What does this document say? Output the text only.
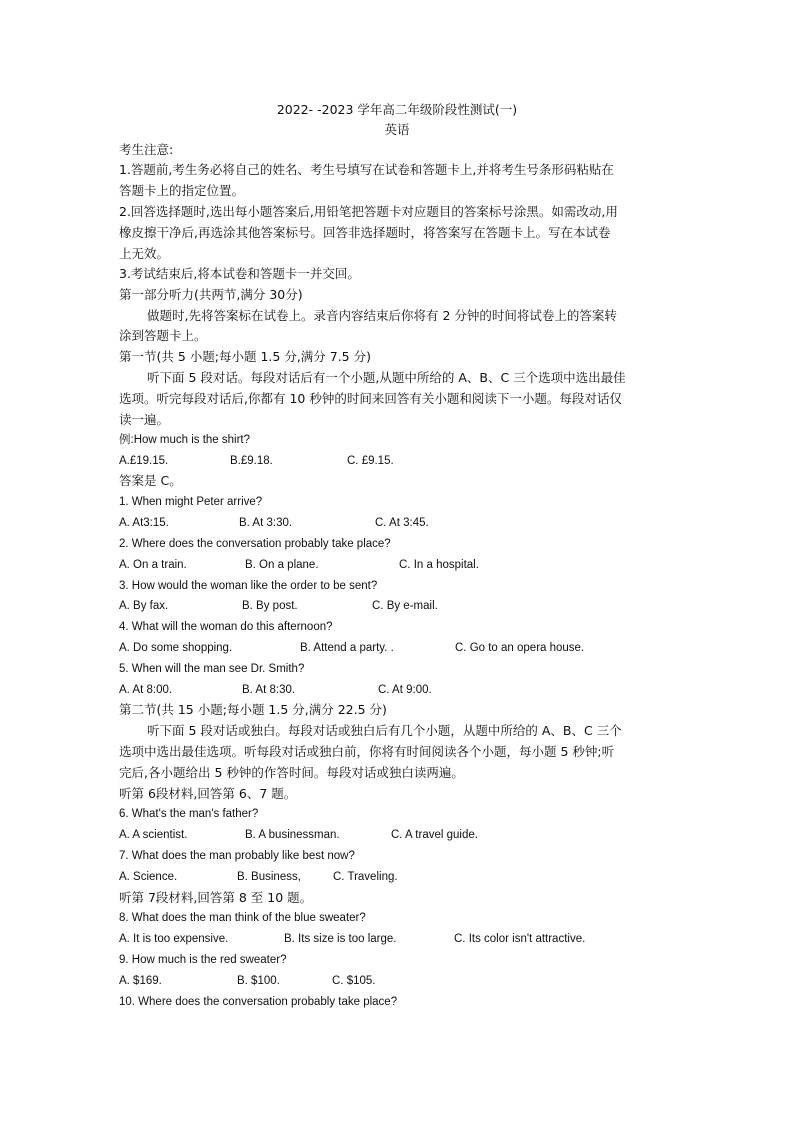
2022- -2023 学年高二年级阶段性测试(一)
英语
考生注意:
1.答题前,考生务必将自己的姓名、考生号填写在试卷和答题卡上,并将考生号条形码粘贴在
答题卡上的指定位置。
2.回答选择题时,选出每小题答案后,用铅笔把答题卡对应题目的答案标号涂黑。如需改动,用
橡皮擦干净后,再选涂其他答案标号。回答非选择题时，将答案写在答题卡上。写在本试卷
上无效。
3.考试结束后,将本试卷和答题卡一并交回。
第一部分听力(共两节,满分 30分)
做题时,先将答案标在试卷上。录音内容结束后你将有 2 分钟的时间将试卷上的答案转
涂到答题卡上。
第一节(共 5 小题;每小题 1.5 分,满分 7.5 分)
听下面 5 段对话。每段对话后有一个小题,从题中所给的 A、B、C 三个选项中选出最佳
选项。听完每段对话后,你都有 10 秒钟的时间来回答有关小题和阅读下一小题。每段对话仅
读一遍。
例:How much is the shirt?
A.£19.15.	B.£9.18.	C. £9.15.
答案是 C。
1. When might Peter arrive?
A. At3:15.	B. At 3:30.	C. At 3:45.
2. Where does the conversation probably take place?
A. On a train.	B. On a plane.	C. In a hospital.
3. How would the woman like the order to be sent?
A. By fax.	B. By post.	C. By e-mail.
4. What will the woman do this afternoon?
A. Do some shopping.	B. Attend a party. .	C. Go to an opera house.
5. When will the man see Dr. Smith?
A. At 8:00.	B. At 8:30.	C. At 9:00.
第二节(共 15 小题;每小题 1.5 分,满分 22.5 分)
听下面 5 段对话或独白。每段对话或独白后有几个小题，从题中所给的 A、B、C 三个
选项中选出最佳选项。听每段对话或独白前，你将有时间阅读各个小题，每小题 5 秒钟;听
完后,各小题给出 5 秒钟的作答时间。每段对话或独白读两遍。
听第 6段材料,回答第 6、7 题。
6. What's the man's father?
A. A scientist.	B. A businessman.	C. A travel guide.
7. What does the man probably like best now?
A. Science.	B. Business,	C. Traveling.
听第 7段材料,回答第 8 至 10 题。
8. What does the man think of the blue sweater?
A. It is too expensive.	B. Its size is too large.	C. Its color isn't attractive.
9. How much is the red sweater?
A. $169.	B. $100.	C. $105.
10. Where does the conversation probably take place?
